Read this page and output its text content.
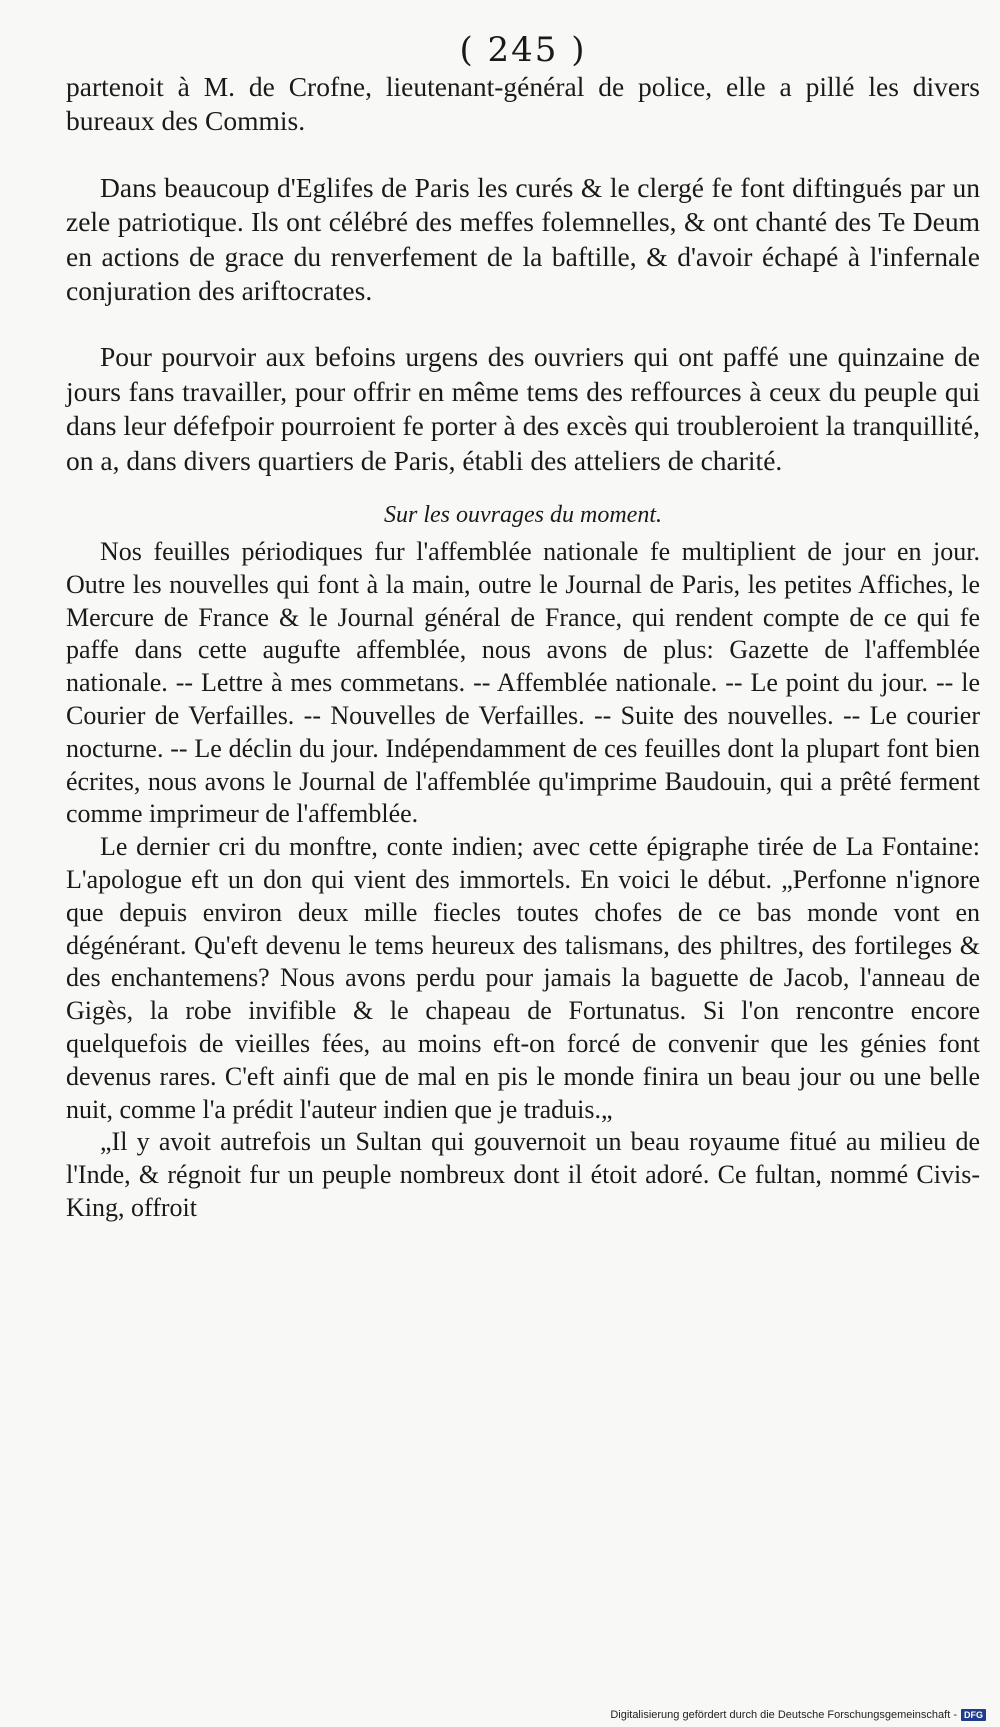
( 245 )

partenoit à M. de Crofne, lieutenant-général de police, elle a pillé les divers bureaux des Commis.

Dans beaucoup d'Eglifes de Paris les curés & le clergé fe font diftingués par un zele patriotique. Ils ont célébré des meffes folemnelles, & ont chanté des Te Deum en actions de grace du renverfement de la baftille, & d'avoir échapé à l'infernale conjuration des ariftocrates.

Pour pourvoir aux befoins urgens des ouvriers qui ont paffé une quinzaine de jours fans travailler, pour offrir en même tems des reffources à ceux du peuple qui dans leur défefpoir pourroient fe porter à des excès qui troubleroient la tranquillité, on a, dans divers quartiers de Paris, établi des atteliers de charité.

Sur les ouvrages du moment.

Nos feuilles périodiques fur l'affemblée nationale fe multiplient de jour en jour. Outre les nouvelles qui font à la main, outre le Journal de Paris, les petites Affiches, le Mercure de France & le Journal général de France, qui rendent compte de ce qui fe paffe dans cette augufte affemblée, nous avons de plus: Gazette de l'affemblée nationale. -- Lettre à mes commetans. -- Affemblée nationale. -- Le point du jour. -- le Courier de Verfailles. -- Nouvelles de Verfailles. -- Suite des nouvelles. -- Le courier nocturne. -- Le déclin du jour. Indépendamment de ces feuilles dont la plupart font bien écrites, nous avons le Journal de l'affemblée qu'imprime Baudouin, qui a prêté ferment comme imprimeur de l'affemblée.

Le dernier cri du monftre, conte indien; avec cette épigraphe tirée de La Fontaine: L'apologue eft un don qui vient des immortels. En voici le début. „Perfonne n'ignore que depuis environ deux mille fiecles toutes chofes de ce bas monde vont en dégénérant. Qu'eft devenu le tems heureux des talismans, des philtres, des fortileges & des enchantemens? Nous avons perdu pour jamais la baguette de Jacob, l'anneau de Gigès, la robe invifible & le chapeau de Fortunatus. Si l'on rencontre encore quelquefois de vieilles fées, au moins eft-on forcé de convenir que les génies font devenus rares. C'eft ainfi que de mal en pis le monde finira un beau jour ou une belle nuit, comme l'a prédit l'auteur indien que je traduis.„

„Il y avoit autrefois un Sultan qui gouvernoit un beau royaume fitué au milieu de l'Inde, & régnoit fur un peuple nombreux dont il étoit adoré. Ce fultan, nommé Civis-King, offroit

Digitalisierung gefördert durch die Deutsche Forschungsgemeinschaft - DFG
